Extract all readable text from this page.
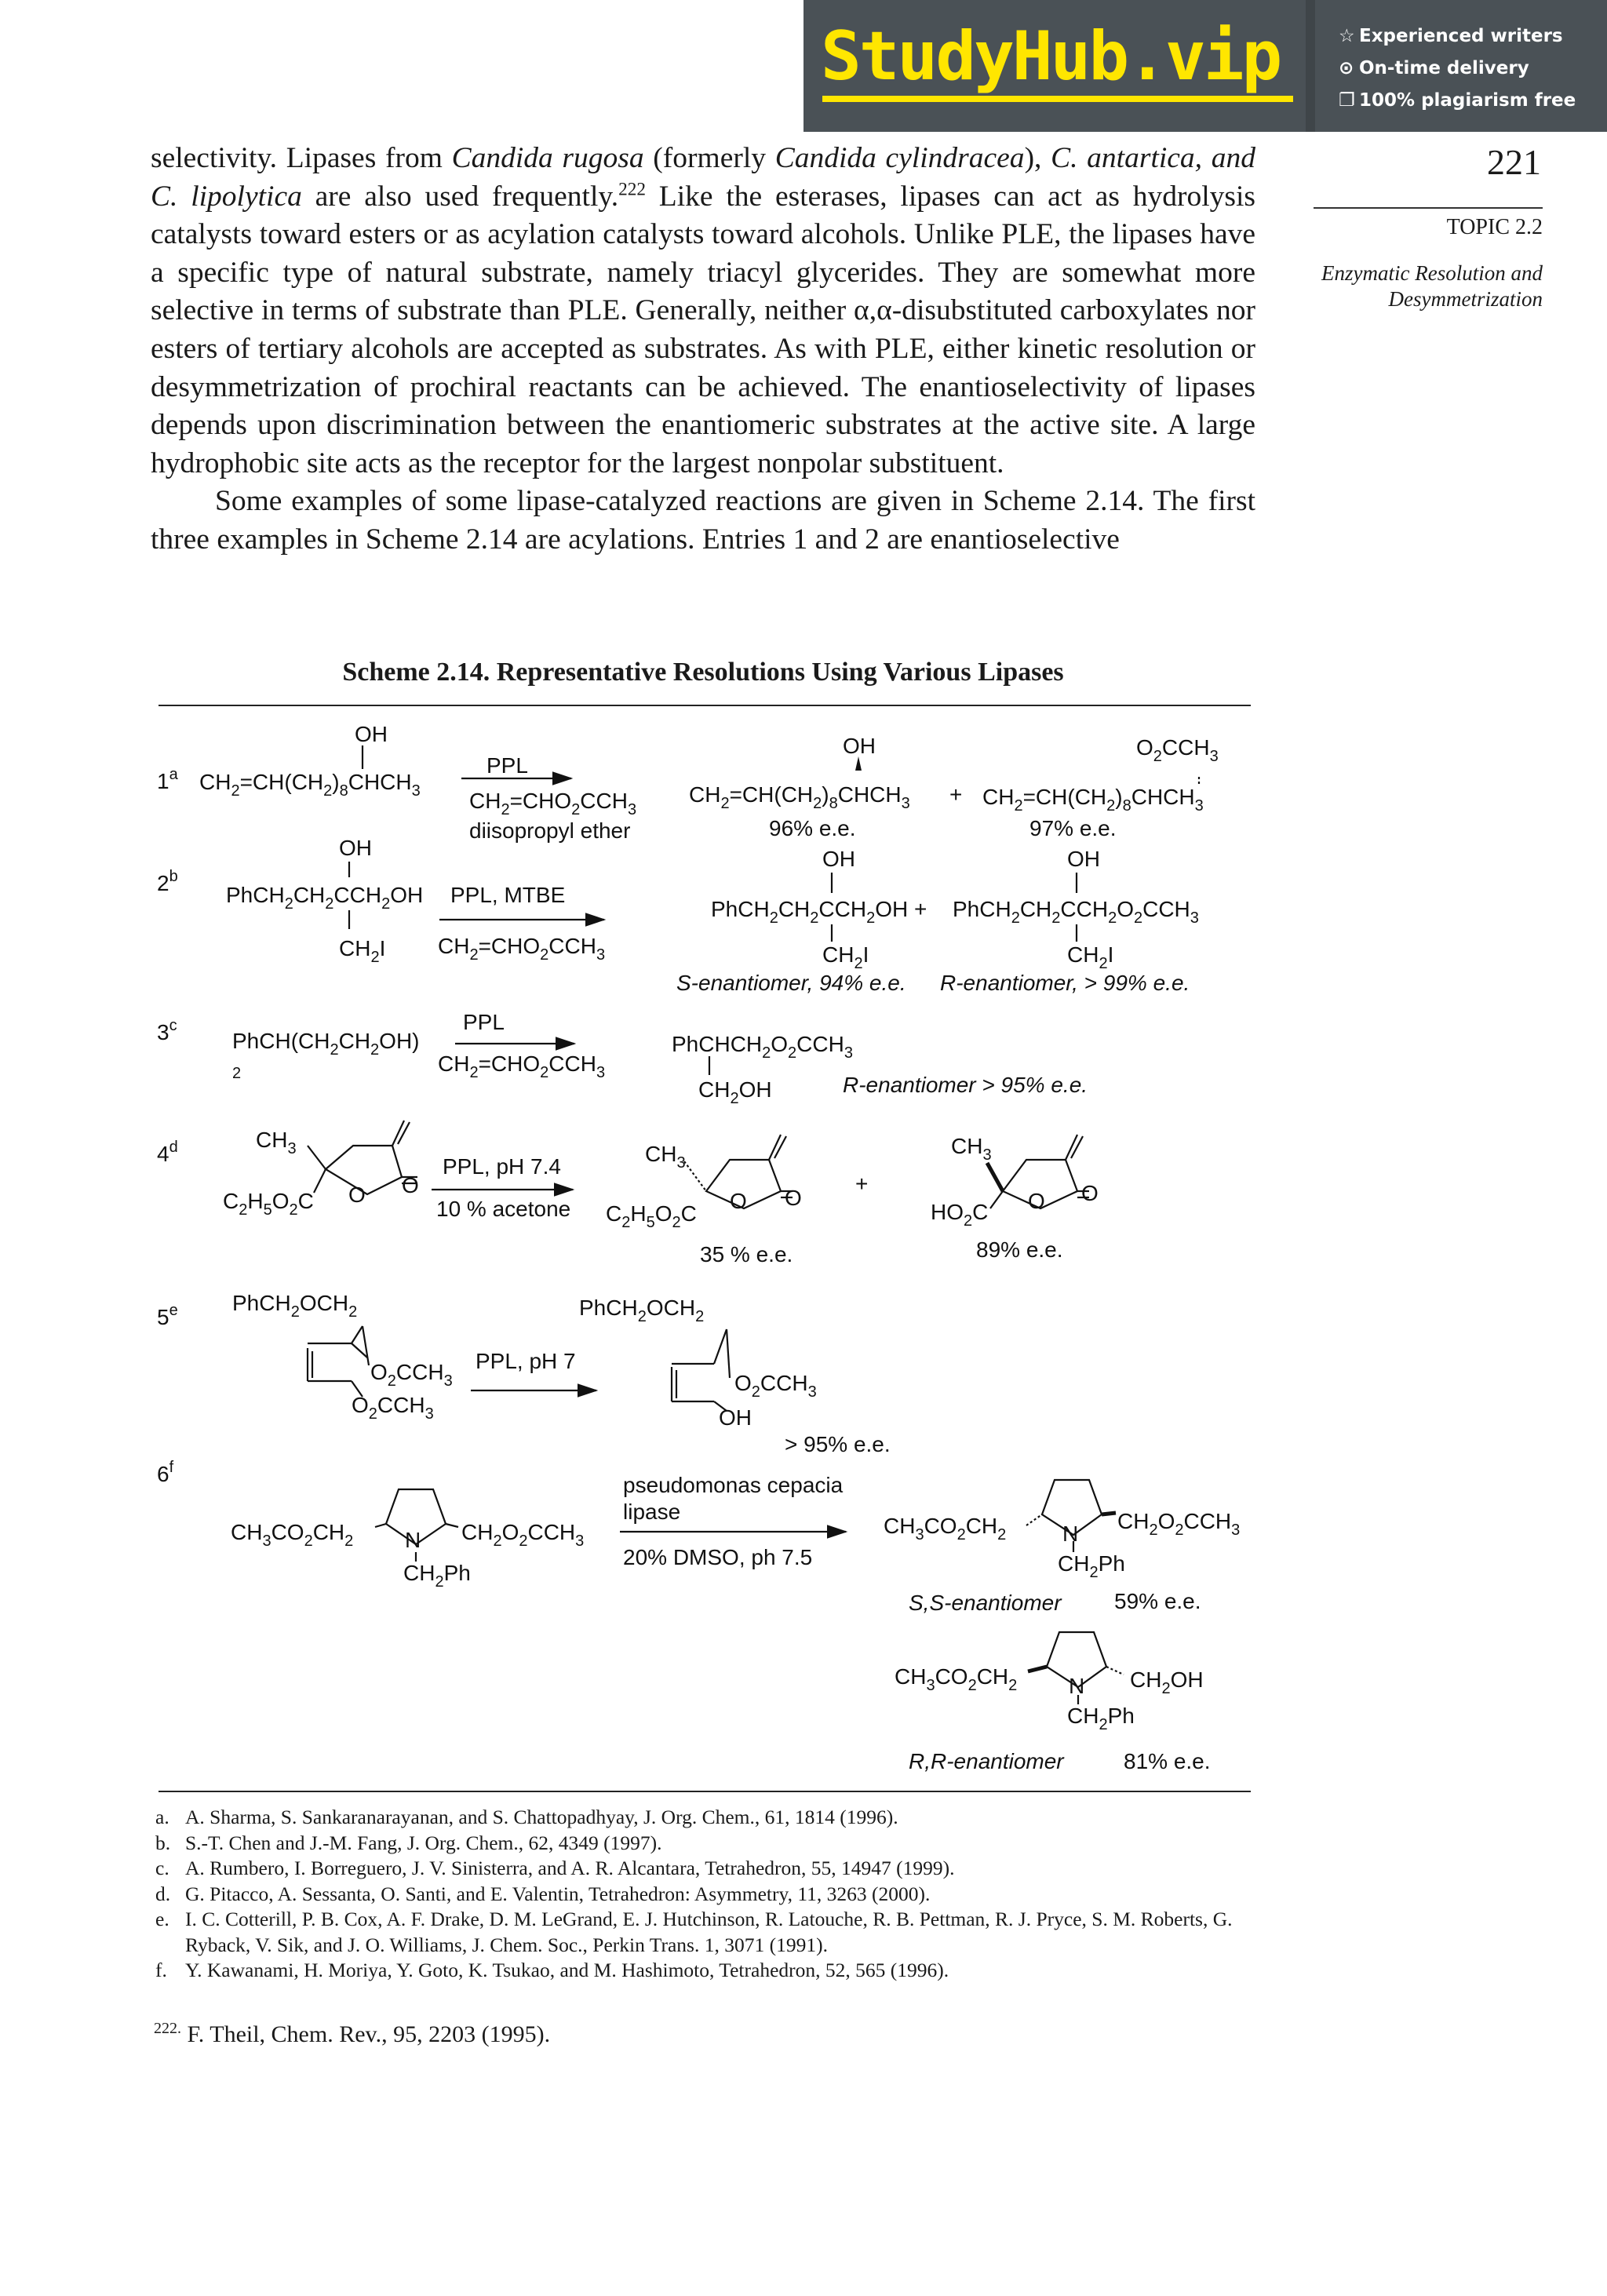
StudyHub.vip	☆ Experienced writers
⊙ On-time delivery
❐ 100% plagiarism free
221
TOPIC 2.2
Enzymatic Resolution and Desymmetrization

selectivity. Lipases from Candida rugosa (formerly Candida cylindracea), C. antartica, and C. lipolytica are also used frequently.$^{222}$ Like the esterases, lipases can act as hydrolysis catalysts toward esters or as acylation catalysts toward alcohols. Unlike PLE, the lipases have a specific type of natural substrate, namely triacyl glycerides. They are somewhat more selective in terms of substrate than PLE. Generally, neither α,α-disubstituted carboxylates nor esters of tertiary alcohols are accepted as substrates. As with PLE, either kinetic resolution or desymmetrization of prochiral reactants can be achieved. The enantioselectivity of lipases depends upon discrimination between the enantiomeric substrates at the active site. A large hydrophobic site acts as the receptor for the largest nonpolar substituent.

Some examples of some lipase-catalyzed reactions are given in Scheme 2.14. The first three examples in Scheme 2.14 are acylations. Entries 1 and 2 are enantioselective

Scheme 2.14. Representative Resolutions Using Various Lipases
1$^a$
2$^b$
3$^c$
4$^d$
5e
6$^f$
OH
$CH_2=CH(CH_2)_8CHCH_3$
PPL
$CH_2=CHO_2CCH_3$
diisopropyl ether
OH
$CH_2=CH(CH_2)_8CHCH_3$ +
$O_2CCH_3$
$CH_2=CH(CH_2)_8CHCH_3$
96% e.e.	97% e.e.
OH
$PhCH_2CH_2CCH_2OH$
$CH_2I$
PPL, MTBE
$CH_2=CHO_2CCH_3$
OH
$PhCH_2CH_2CCH_2OH$ +
$CH_2I$
OH
$PhCH_2CH_2CCH_2O_2CCH_3$
$CH_2I$
S-enantiomer, 94% e.e. R-enantiomer, > 99% e.e.
$PhCH(CH_2CH_2OH)$
2
PPL
$CH_2=CHO_2CCH_3$
$PhCHCH_2O_2CCH_3$
$CH_2OH$	R-enantiomer > 95% e.e.
$CH_3$
$C_2H_5O_2C$ O O
PPL, pH 7.4
10 % acetone
$CH_3$
$C_2H_5O_2C$
O O
+
$CH_3$
$HO_2C$ O O
35 % e.e.	89% e.e.
$PhCH_2OCH_2$
$O_2CCH_3$
$O_2CCH_3$
PPL, pH 7
$PhCH_2OCH_2$
$O_2CCH_3$
OH
> 95% e.e.
$CH_3CO_2CH_2$ N $CH_2O_2CCH_3$
$CH_2Ph$
pseudomonas cepacia
lipase
20% DMSO, ph 7.5
$CH_3CO_2CH_2$	N
$CH_2O_2CCH_3$
$CH_2Ph$
S,S-enantiomer 59% e.e.
$CH_3CO_2CH_2$ N $CH_2OH$
$CH_2Ph$
R,R-enantiomer	81% e.e.
a. A. Sharma, S. Sankaranarayanan, and S. Chattopadhyay, J. Org. Chem., 61, 1814 (1996).
b. S.-T. Chen and J.-M. Fang, J. Org. Chem., 62, 4349 (1997).
c. A. Rumbero, I. Borreguero, J. V. Sinisterra, and A. R. Alcantara, Tetrahedron, 55, 14947 (1999).
d. G. Pitacco, A. Sessanta, O. Santi, and E. Valentin, Tetrahedron: Asymmetry, 11, 3263 (2000).
e. I. C. Cotterill, P. B. Cox, A. F. Drake, D. M. LeGrand, E. J. Hutchinson, R. Latouche, R. B. Pettman, R. J. Pryce, S. M. Roberts, G. Ryback, V. Sik, and J. O. Williams, J. Chem. Soc., Perkin Trans. 1, 3071 (1991).
f. Y. Kawanami, H. Moriya, Y. Goto, K. Tsukao, and M. Hashimoto, Tetrahedron, 52, 565 (1996).
$^{222.}$ F. Theil, Chem. Rev., 95, 2203 (1995).
